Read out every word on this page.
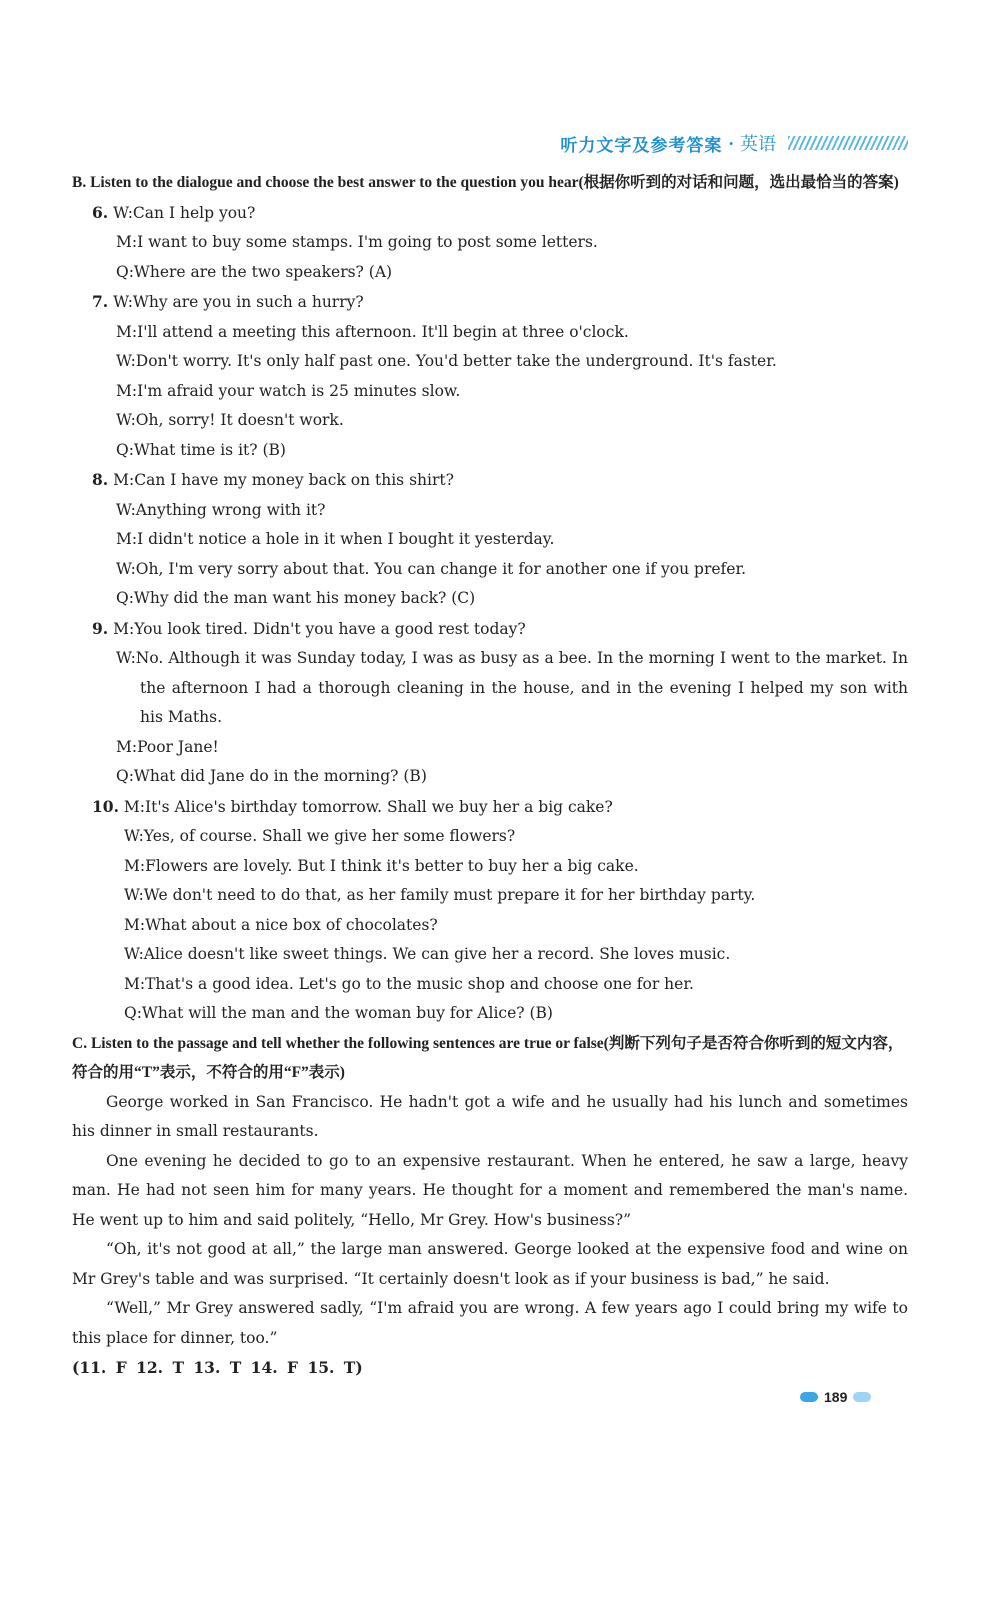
听力文字及参考答案 · 英语
B. Listen to the dialogue and choose the best answer to the question you hear(根据你听到的对话和问题，选出最恰当的答案)
6. W:Can I help you?
M:I want to buy some stamps. I'm going to post some letters.
Q:Where are the two speakers? (A)
7. W:Why are you in such a hurry?
M:I'll attend a meeting this afternoon. It'll begin at three o'clock.
W:Don't worry. It's only half past one. You'd better take the underground. It's faster.
M:I'm afraid your watch is 25 minutes slow.
W:Oh, sorry! It doesn't work.
Q:What time is it? (B)
8. M:Can I have my money back on this shirt?
W:Anything wrong with it?
M:I didn't notice a hole in it when I bought it yesterday.
W:Oh, I'm very sorry about that. You can change it for another one if you prefer.
Q:Why did the man want his money back? (C)
9. M:You look tired. Didn't you have a good rest today?
W:No. Although it was Sunday today, I was as busy as a bee. In the morning I went to the market. In the afternoon I had a thorough cleaning in the house, and in the evening I helped my son with his Maths.
M:Poor Jane!
Q:What did Jane do in the morning? (B)
10. M:It's Alice's birthday tomorrow. Shall we buy her a big cake?
W:Yes, of course. Shall we give her some flowers?
M:Flowers are lovely. But I think it's better to buy her a big cake.
W:We don't need to do that, as her family must prepare it for her birthday party.
M:What about a nice box of chocolates?
W:Alice doesn't like sweet things. We can give her a record. She loves music.
M:That's a good idea. Let's go to the music shop and choose one for her.
Q:What will the man and the woman buy for Alice? (B)
C. Listen to the passage and tell whether the following sentences are true or false(判断下列句子是否符合你听到的短文内容，符合的用“T”表示，不符合的用“F”表示)
George worked in San Francisco. He hadn't got a wife and he usually had his lunch and sometimes his dinner in small restaurants.
One evening he decided to go to an expensive restaurant. When he entered, he saw a large, heavy man. He had not seen him for many years. He thought for a moment and remembered the man's name. He went up to him and said politely, “Hello, Mr Grey. How's business?”
“Oh, it's not good at all,” the large man answered. George looked at the expensive food and wine on Mr Grey's table and was surprised. “It certainly doesn't look as if your business is bad,” he said.
“Well,” Mr Grey answered sadly, “I'm afraid you are wrong. A few years ago I could bring my wife to this place for dinner, too.”
(11. F 12. T 13. T 14. F 15. T)
189
